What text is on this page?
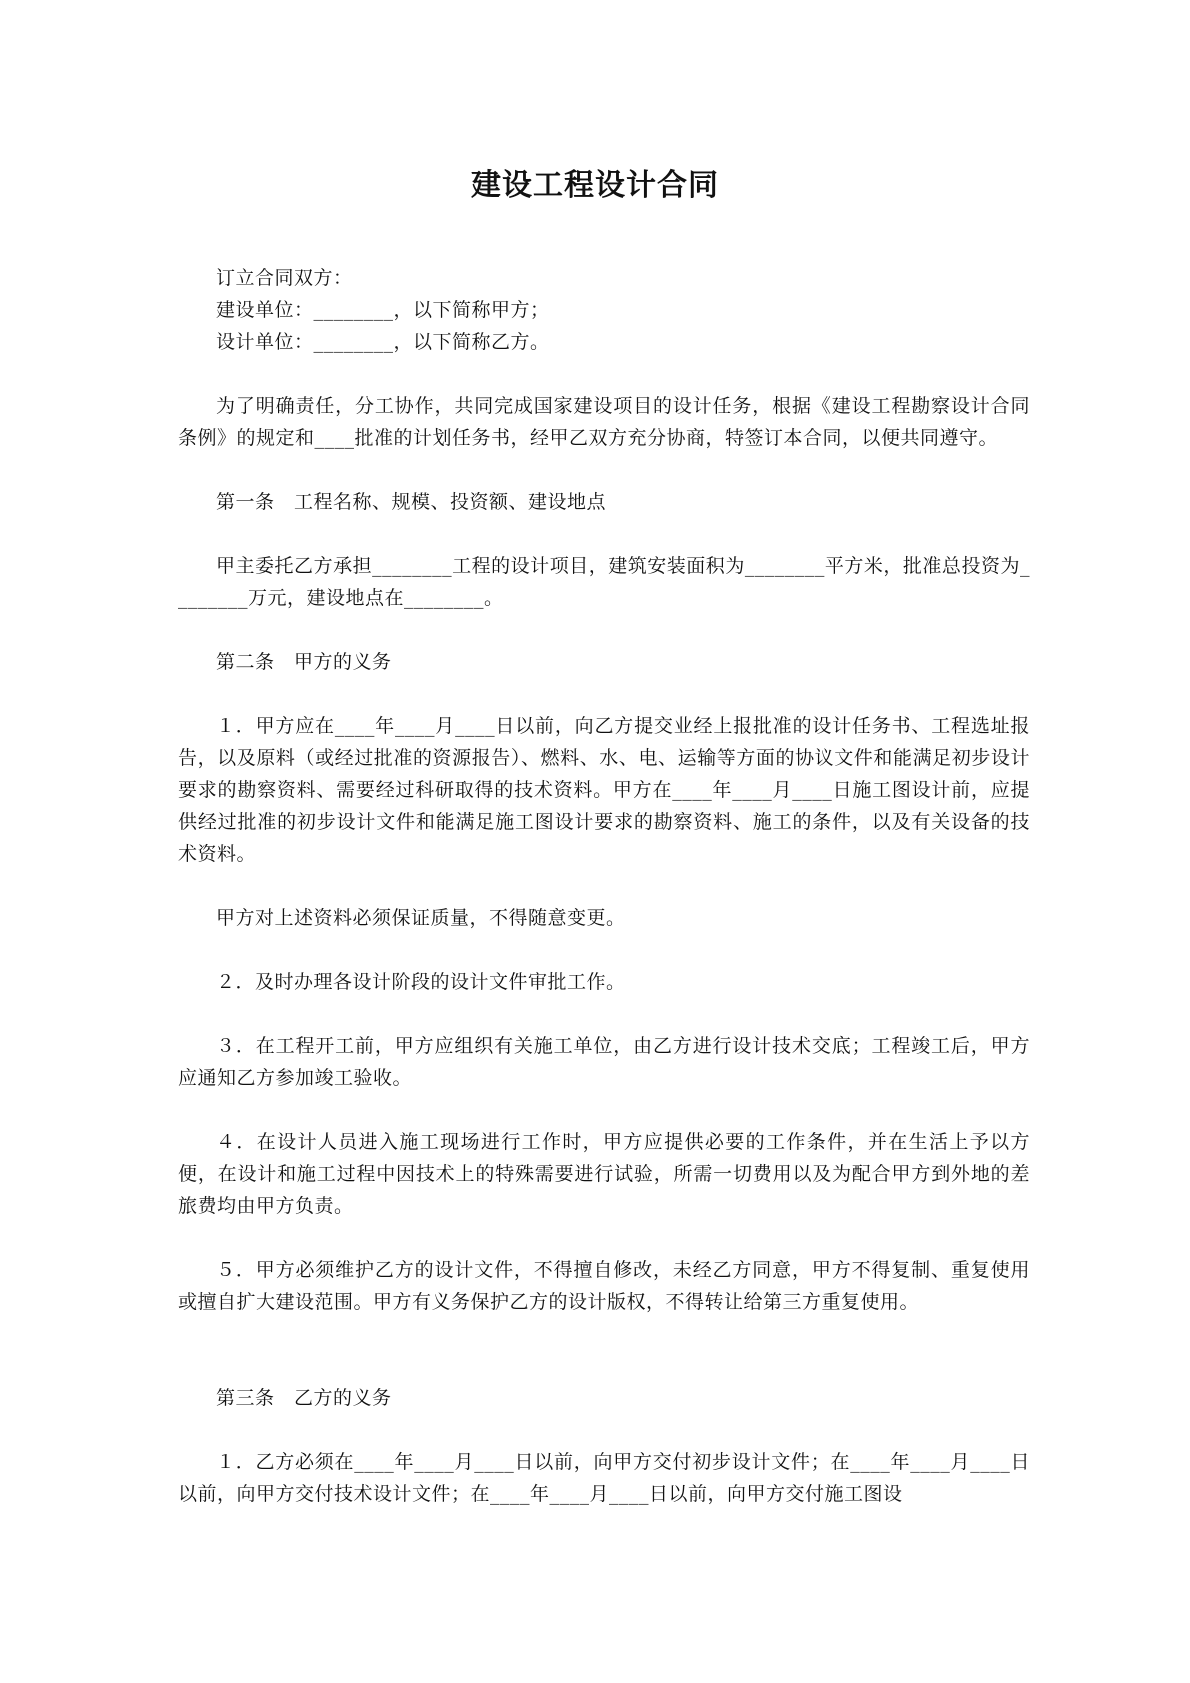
建设工程设计合同

订立合同双方：

建设单位：________，以下简称甲方；

设计单位：________，以下简称乙方。

为了明确责任，分工协作，共同完成国家建设项目的设计任务，根据《建设工程勘察设计合同条例》的规定和____批准的计划任务书，经甲乙双方充分协商，特签订本合同，以便共同遵守。

第一条　工程名称、规模、投资额、建设地点

甲主委托乙方承担________工程的设计项目，建筑安装面积为________平方米，批准总投资为________万元，建设地点在________。

第二条　甲方的义务

１．甲方应在____年____月____日以前，向乙方提交业经上报批准的设计任务书、工程选址报告，以及原料（或经过批准的资源报告）、燃料、水、电、运输等方面的协议文件和能满足初步设计要求的勘察资料、需要经过科研取得的技术资料。甲方在____年____月____日施工图设计前，应提供经过批准的初步设计文件和能满足施工图设计要求的勘察资料、施工的条件，以及有关设备的技术资料。

甲方对上述资料必须保证质量，不得随意变更。

２．及时办理各设计阶段的设计文件审批工作。

３．在工程开工前，甲方应组织有关施工单位，由乙方进行设计技术交底；工程竣工后，甲方应通知乙方参加竣工验收。

４．在设计人员进入施工现场进行工作时，甲方应提供必要的工作条件，并在生活上予以方便，在设计和施工过程中因技术上的特殊需要进行试验，所需一切费用以及为配合甲方到外地的差旅费均由甲方负责。

５．甲方必须维护乙方的设计文件，不得擅自修改，未经乙方同意，甲方不得复制、重复使用或擅自扩大建设范围。甲方有义务保护乙方的设计版权，不得转让给第三方重复使用。

第三条　乙方的义务

１．乙方必须在____年____月____日以前，向甲方交付初步设计文件；在____年____月____日以前，向甲方交付技术设计文件；在____年____月____日以前，向甲方交付施工图设
